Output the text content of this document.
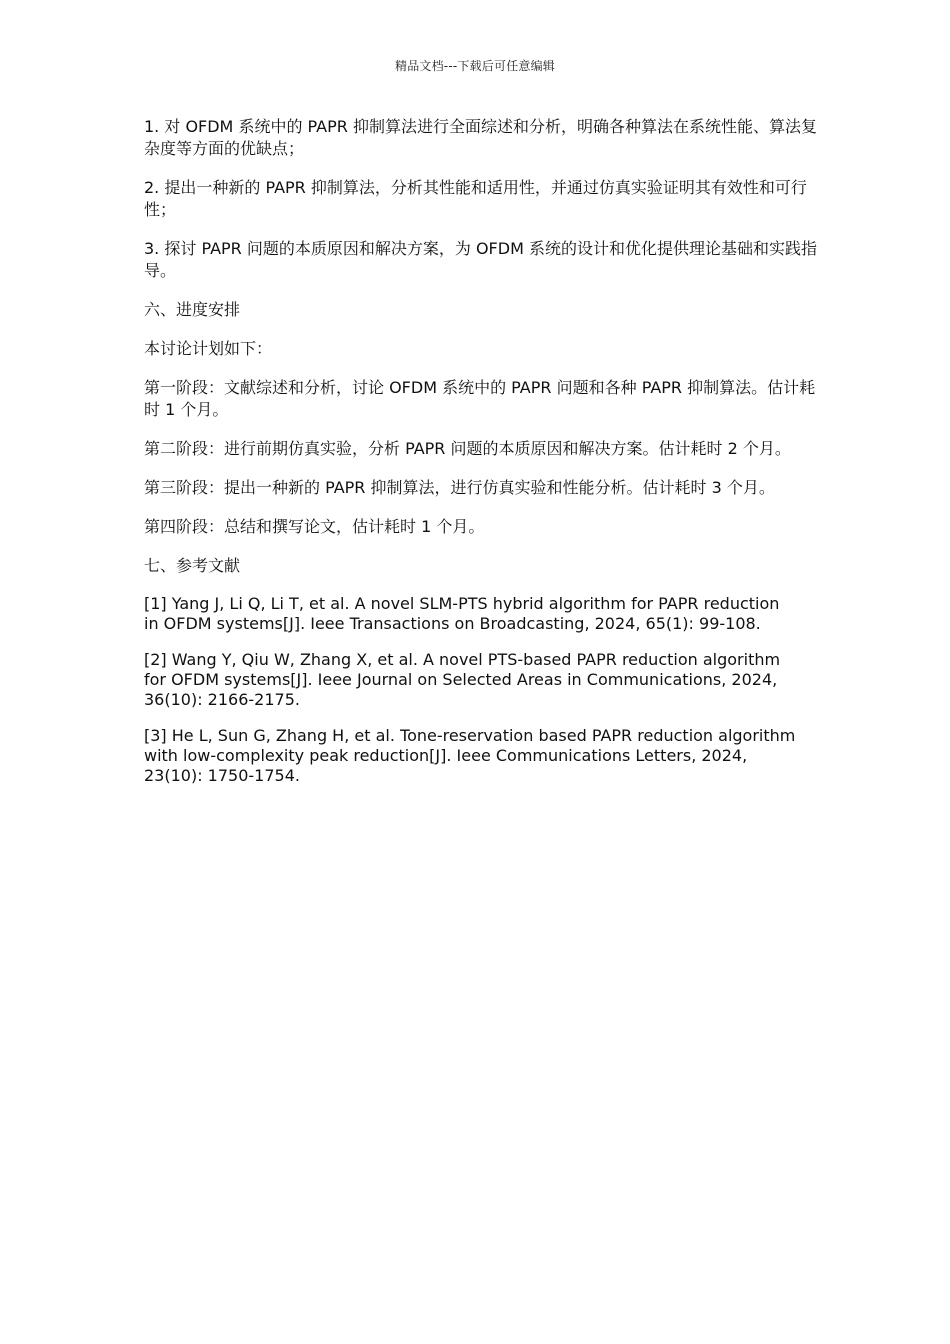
精品文档---下载后可任意编辑

1. 对 OFDM 系统中的 PAPR 抑制算法进行全面综述和分析，明确各种算法在系统性能、算法复杂度等方面的优缺点；

2. 提出一种新的 PAPR 抑制算法，分析其性能和适用性，并通过仿真实验证明其有效性和可行性；

3. 探讨 PAPR 问题的本质原因和解决方案，为 OFDM 系统的设计和优化提供理论基础和实践指导。

六、进度安排

本讨论计划如下：

第一阶段：文献综述和分析，讨论 OFDM 系统中的 PAPR 问题和各种 PAPR 抑制算法。估计耗时 1 个月。

第二阶段：进行前期仿真实验，分析 PAPR 问题的本质原因和解决方案。估计耗时 2 个月。

第三阶段：提出一种新的 PAPR 抑制算法，进行仿真实验和性能分析。估计耗时 3 个月。

第四阶段：总结和撰写论文，估计耗时 1 个月。

七、参考文献

[1] Yang J, Li Q, Li T, et al. A novel SLM-PTS hybrid algorithm for PAPR reduction in OFDM systems[J]. Ieee Transactions on Broadcasting, 2024, 65(1): 99-108.

[2] Wang Y, Qiu W, Zhang X, et al. A novel PTS-based PAPR reduction algorithm for OFDM systems[J]. Ieee Journal on Selected Areas in Communications, 2024, 36(10): 2166-2175.

[3] He L, Sun G, Zhang H, et al. Tone-reservation based PAPR reduction algorithm with low-complexity peak reduction[J]. Ieee Communications Letters, 2024, 23(10): 1750-1754.
